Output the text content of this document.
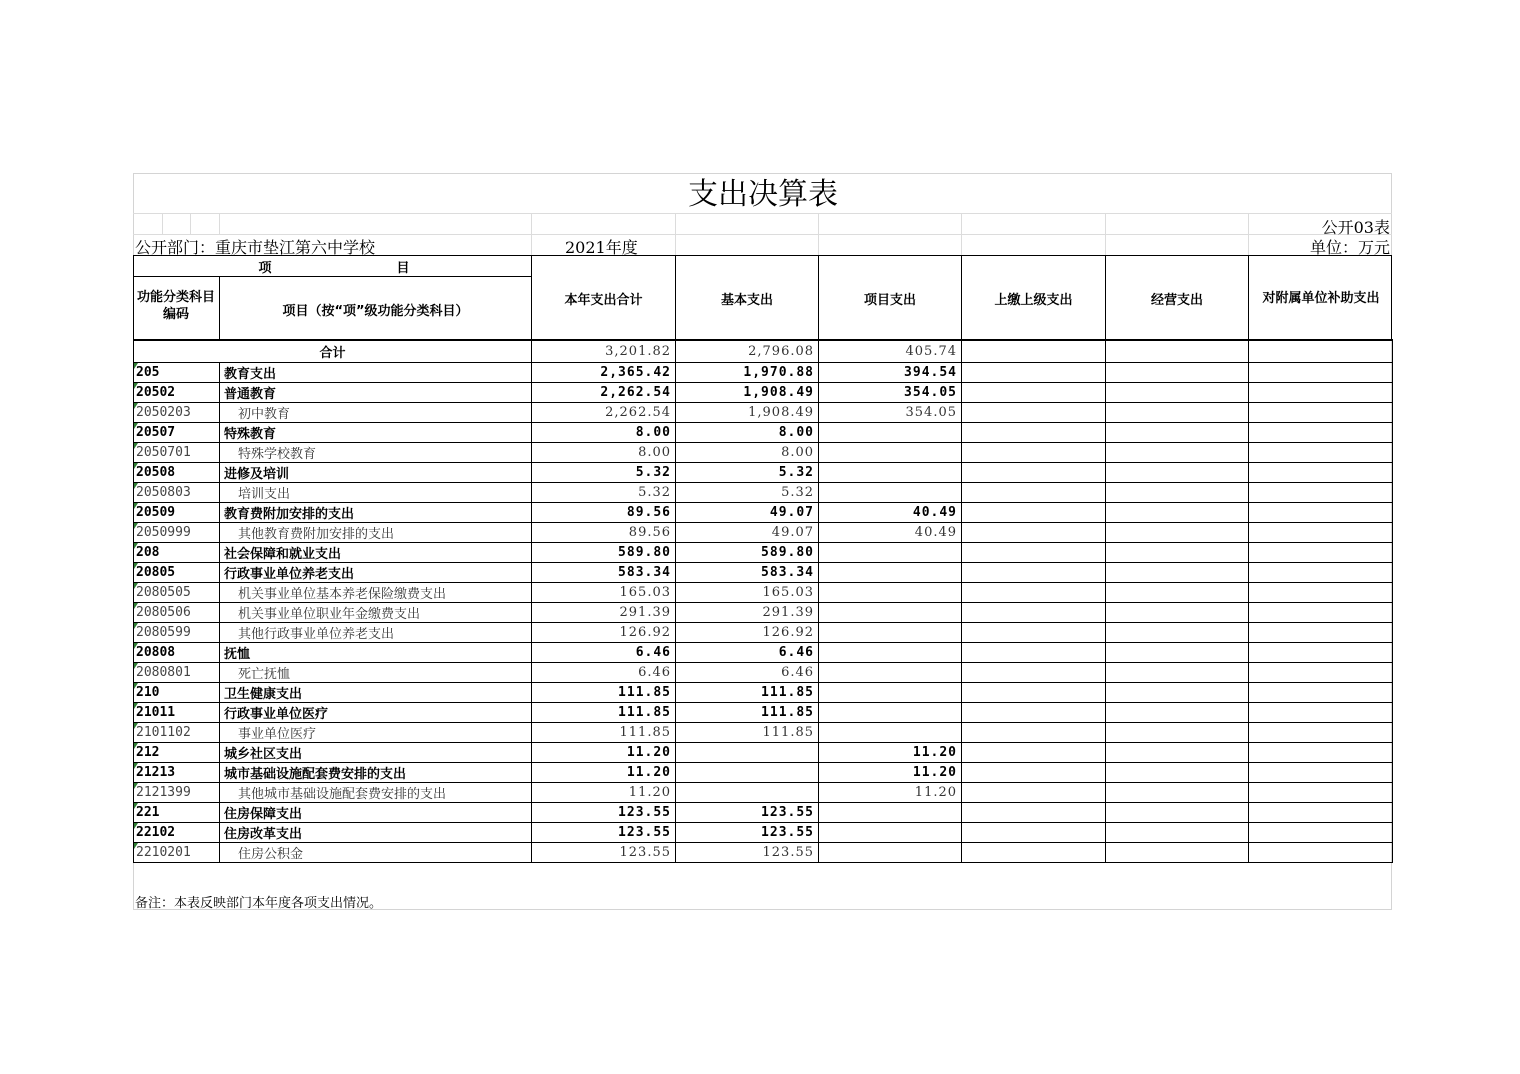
支出决算表
公开03表
公开部门：重庆市垫江第六中学校	2021年度	单位：万元
项	目
功能分类科目编码	项目（按“项”级功能分类科目）
本年支出合计	基本支出	项目支出	上缴上级支出	经营支出	对附属单位补助支出
合计		3,201.82	2,796.08	405.74			
205	教育支出	2,365.42	1,970.88	394.54			
20502	普通教育	2,262.54	1,908.49	354.05			
2050203	初中教育	2,262.54	1,908.49	354.05			
20507	特殊教育	8.00	8.00				
2050701	特殊学校教育	8.00	8.00				
20508	进修及培训	5.32	5.32				
2050803	培训支出	5.32	5.32				
20509	教育费附加安排的支出	89.56	49.07	40.49			
2050999	其他教育费附加安排的支出	89.56	49.07	40.49			
208	社会保障和就业支出	589.80	589.80				
20805	行政事业单位养老支出	583.34	583.34				
2080505	机关事业单位基本养老保险缴费支出	165.03	165.03				
2080506	机关事业单位职业年金缴费支出	291.39	291.39				
2080599	其他行政事业单位养老支出	126.92	126.92				
20808	抚恤	6.46	6.46				
2080801	死亡抚恤	6.46	6.46				
210	卫生健康支出	111.85	111.85				
21011	行政事业单位医疗	111.85	111.85				
2101102	事业单位医疗	111.85	111.85				
212	城乡社区支出	11.20		11.20			
21213	城市基础设施配套费安排的支出	11.20		11.20			
2121399	其他城市基础设施配套费安排的支出	11.20		11.20			
221	住房保障支出	123.55	123.55				
22102	住房改革支出	123.55	123.55				
2210201	住房公积金	123.55	123.55				
备注：本表反映部门本年度各项支出情况。
